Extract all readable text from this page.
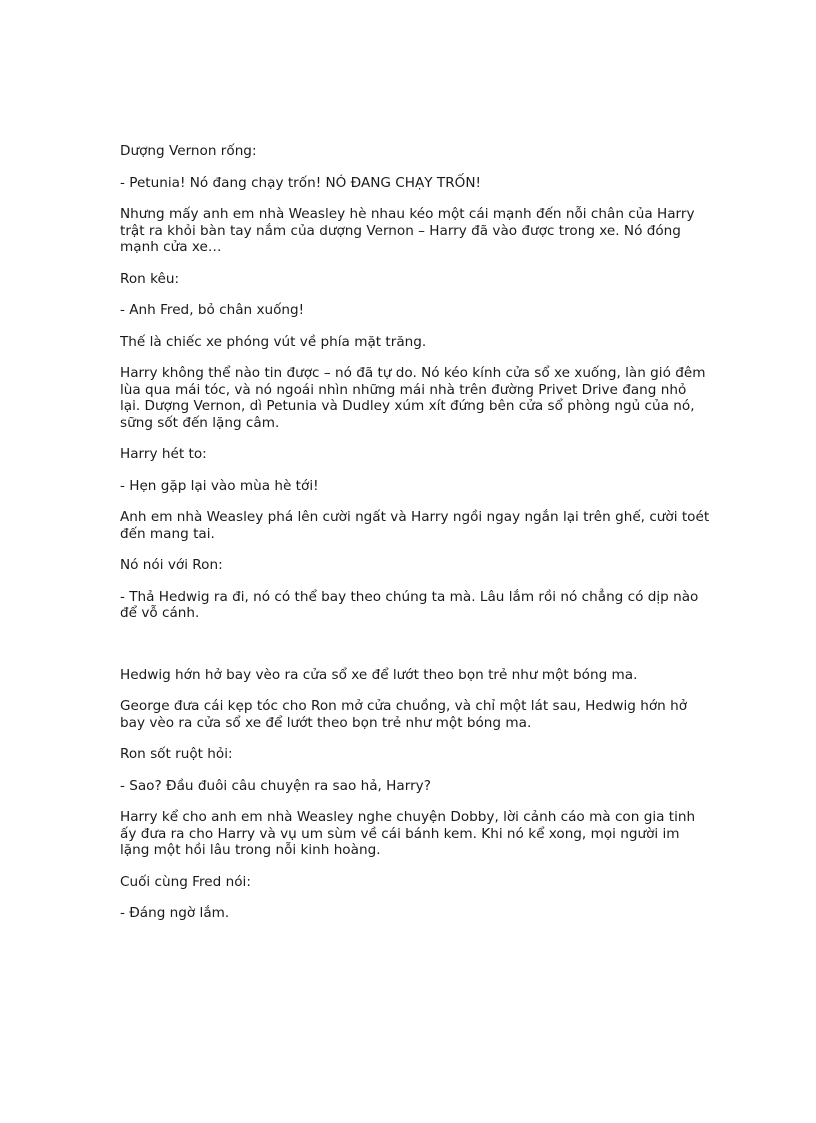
Dượng Vernon rống:

- Petunia! Nó đang chạy trốn! NÓ ĐANG CHẠY TRỐN!

Nhưng mấy anh em nhà Weasley hè nhau kéo một cái mạnh đến nỗi chân của Harry trật ra khỏi bàn tay nắm của dượng Vernon – Harry đã vào được trong xe. Nó đóng mạnh cửa xe…

Ron kêu:

- Anh Fred, bỏ chân xuống!

Thế là chiếc xe phóng vút về phía mặt trăng.

Harry không thể nào tin được – nó đã tự do. Nó kéo kính cửa sổ xe xuống, làn gió đêm lùa qua mái tóc, và nó ngoái nhìn những mái nhà trên đường Privet Drive đang nhỏ lại. Dượng Vernon, dì Petunia và Dudley xúm xít đứng bên cửa sổ phòng ngủ của nó, sững sốt đến lặng câm.

Harry hét to:

- Hẹn gặp lại vào mùa hè tới!

Anh em nhà Weasley phá lên cười ngất và Harry ngồi ngay ngắn lại trên ghế, cười toét đến mang tai.

Nó nói với Ron:

- Thả Hedwig ra đi, nó có thể bay theo chúng ta mà. Lâu lắm rồi nó chẳng có dịp nào để vỗ cánh.

Hedwig hớn hở bay vèo ra cửa sổ xe để lướt theo bọn trẻ như một bóng ma.

George đưa cái kẹp tóc cho Ron mở cửa chuồng, và chỉ một lát sau, Hedwig hớn hở bay vèo ra cửa sổ xe để lướt theo bọn trẻ như một bóng ma.

Ron sốt ruột hỏi:

- Sao? Đầu đuôi câu chuyện ra sao hả, Harry?

Harry kể cho anh em nhà Weasley nghe chuyện Dobby, lời cảnh cáo mà con gia tinh ấy đưa ra cho Harry và vụ um sùm về cái bánh kem. Khi nó kể xong, mọi người im lặng một hồi lâu trong nỗi kinh hoàng.

Cuối cùng Fred nói:

- Đáng ngờ lắm.
